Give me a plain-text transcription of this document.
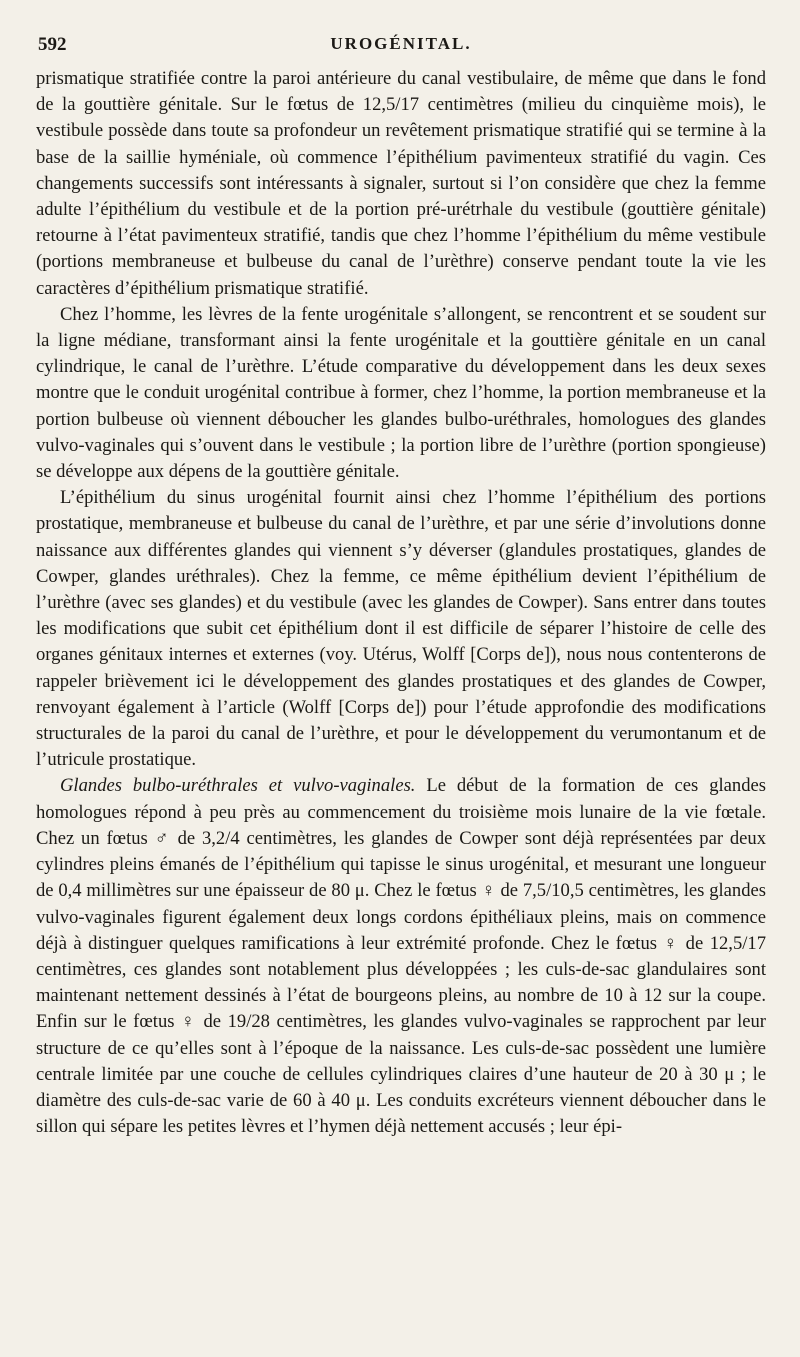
592	UROGÉNITAL.

prismatique stratifiée contre la paroi antérieure du canal vestibulaire, de même que dans le fond de la gouttière génitale. Sur le fœtus de 12,5/17 centimètres (milieu du cinquième mois), le vestibule possède dans toute sa profondeur un revêtement prismatique stratifié qui se termine à la base de la saillie hyméniale, où commence l’épithélium pavimenteux stratifié du vagin. Ces changements successifs sont intéressants à signaler, surtout si l’on considère que chez la femme adulte l’épithélium du vestibule et de la portion pré-urétrhale du vestibule (gouttière génitale) retourne à l’état pavimenteux stratifié, tandis que chez l’homme l’épithélium du même vestibule (portions membraneuse et bulbeuse du canal de l’urèthre) conserve pendant toute la vie les caractères d’épithélium prismatique stratifié.

Chez l’homme, les lèvres de la fente urogénitale s’allongent, se rencontrent et se soudent sur la ligne médiane, transformant ainsi la fente urogénitale et la gouttière génitale en un canal cylindrique, le canal de l’urèthre. L’étude comparative du développement dans les deux sexes montre que le conduit urogénital contribue à former, chez l’homme, la portion membraneuse et la portion bulbeuse où viennent déboucher les glandes bulbo-uréthrales, homologues des glandes vulvo-vaginales qui s’ouvent dans le vestibule ; la portion libre de l’urèthre (portion spongieuse) se développe aux dépens de la gouttière génitale.

L’épithélium du sinus urogénital fournit ainsi chez l’homme l’épithélium des portions prostatique, membraneuse et bulbeuse du canal de l’urèthre, et par une série d’involutions donne naissance aux différentes glandes qui viennent s’y déverser (glandules prostatiques, glandes de Cowper, glandes uréthrales). Chez la femme, ce même épithélium devient l’épithélium de l’urèthre (avec ses glandes) et du vestibule (avec les glandes de Cowper). Sans entrer dans toutes les modifications que subit cet épithélium dont il est difficile de séparer l’histoire de celle des organes génitaux internes et externes (voy. Utérus, Wolff [Corps de]), nous nous contenterons de rappeler brièvement ici le développement des glandes prostatiques et des glandes de Cowper, renvoyant également à l’article (Wolff [Corps de]) pour l’étude approfondie des modifications structurales de la paroi du canal de l’urèthre, et pour le développement du verumontanum et de l’utricule prostatique.

Glandes bulbo-uréthrales et vulvo-vaginales. Le début de la formation de ces glandes homologues répond à peu près au commencement du troisième mois lunaire de la vie fœtale. Chez un fœtus ♂ de 3,2/4 centimètres, les glandes de Cowper sont déjà représentées par deux cylindres pleins émanés de l’épithélium qui tapisse le sinus urogénital, et mesurant une longueur de 0,4 millimètres sur une épaisseur de 80 μ. Chez le fœtus ♀ de 7,5/10,5 centimètres, les glandes vulvo-vaginales figurent également deux longs cordons épithéliaux pleins, mais on commence déjà à distinguer quelques ramifications à leur extrémité profonde. Chez le fœtus ♀ de 12,5/17 centimètres, ces glandes sont notablement plus développées ; les culs-de-sac glandulaires sont maintenant nettement dessinés à l’état de bourgeons pleins, au nombre de 10 à 12 sur la coupe. Enfin sur le fœtus ♀ de 19/28 centimètres, les glandes vulvo-vaginales se rapprochent par leur structure de ce qu’elles sont à l’époque de la naissance. Les culs-de-sac possèdent une lumière centrale limitée par une couche de cellules cylindriques claires d’une hauteur de 20 à 30 μ ; le diamètre des culs-de-sac varie de 60 à 40 μ. Les conduits excréteurs viennent déboucher dans le sillon qui sépare les petites lèvres et l’hymen déjà nettement accusés ; leur épi-
